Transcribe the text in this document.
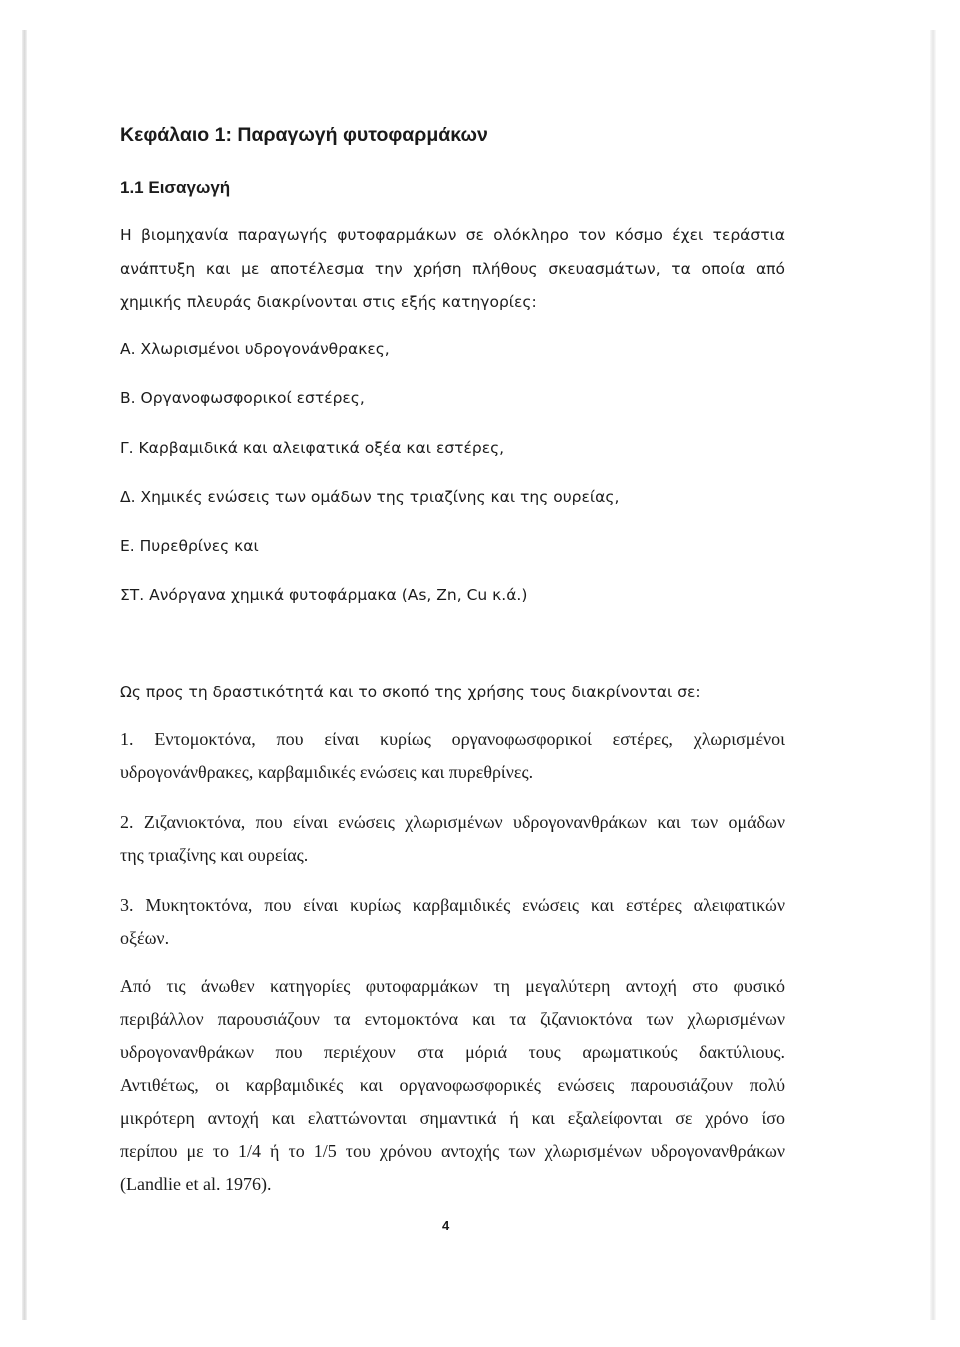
Κεφάλαιο 1: Παραγωγή φυτοφαρμάκων

1.1 Εισαγωγή

Η βιομηχανία παραγωγής φυτοφαρμάκων σε ολόκληρο τον κόσμο έχει τεράστια

ανάπτυξη και με αποτέλεσμα την χρήση πλήθους σκευασμάτων, τα οποία από

χημικής πλευράς διακρίνονται στις εξής κατηγορίες:

Α. Χλωρισμένοι υδρογονάνθρακες,

Β. Οργανοφωσφορικοί εστέρες,

Γ. Καρβαμιδικά και αλειφατικά οξέα και εστέρες,

Δ. Χημικές ενώσεις των ομάδων της τριαζίνης και της ουρείας,

Ε. Πυρεθρίνες και

ΣΤ. Ανόργανα χημικά φυτοφάρμακα (As, Zn, Cu κ.ά.)

Ως προς τη δραστικότητά και το σκοπό της χρήσης τους διακρίνονται σε:

1. Εντομοκτόνα, που είναι κυρίως οργανοφωσφορικοί εστέρες, χλωρισμένοι

υδρογονάνθρακες, καρβαμιδικές ενώσεις και πυρεθρίνες.

2. Ζιζανιοκτόνα, που είναι ενώσεις χλωρισμένων υδρογονανθράκων και των ομάδων

της τριαζίνης και ουρείας.

3. Μυκητοκτόνα, που είναι κυρίως καρβαμιδικές ενώσεις και εστέρες αλειφατικών

οξέων.

Από τις άνωθεν κατηγορίες φυτοφαρμάκων τη μεγαλύτερη αντοχή στο φυσικό

περιβάλλον παρουσιάζουν τα εντομοκτόνα και τα ζιζανιοκτόνα των χλωρισμένων

υδρογονανθράκων που περιέχουν στα μόριά τους αρωματικούς δακτύλιους.

Αντιθέτως, οι καρβαμιδικές και οργανοφωσφορικές ενώσεις παρουσιάζουν πολύ

μικρότερη αντοχή και ελαττώνονται σημαντικά ή και εξαλείφονται σε χρόνο ίσο

περίπου με το 1/4 ή το 1/5 του χρόνου αντοχής των χλωρισμένων υδρογονανθράκων

(Landlie et al. 1976).

4
